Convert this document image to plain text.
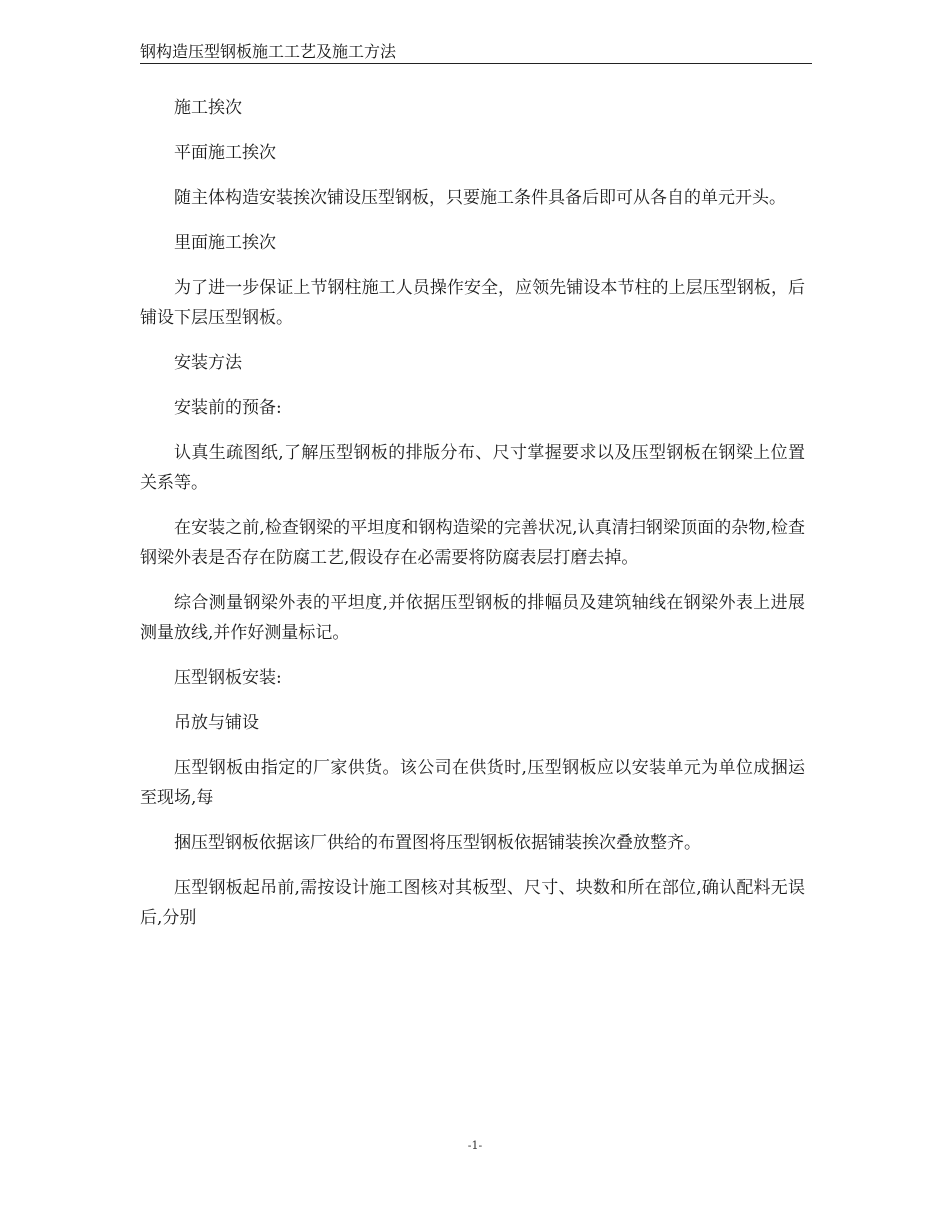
钢构造压型钢板施工工艺及施工方法

施工挨次

平面施工挨次

随主体构造安装挨次铺设压型钢板，只要施工条件具备后即可从各自的单元开头。

里面施工挨次

为了进一步保证上节钢柱施工人员操作安全，应领先铺设本节柱的上层压型钢板，后铺设下层压型钢板。

安装方法

安装前的预备:

认真生疏图纸,了解压型钢板的排版分布、尺寸掌握要求以及压型钢板在钢梁上位置关系等。

在安装之前,检查钢梁的平坦度和钢构造梁的完善状况,认真清扫钢梁顶面的杂物,检查钢梁外表是否存在防腐工艺,假设存在必需要将防腐表层打磨去掉。

综合测量钢梁外表的平坦度,并依据压型钢板的排幅员及建筑轴线在钢梁外表上进展测量放线,并作好测量标记。

压型钢板安装:

吊放与铺设

压型钢板由指定的厂家供货。该公司在供货时,压型钢板应以安装单元为单位成捆运至现场,每

捆压型钢板依据该厂供给的布置图将压型钢板依据铺装挨次叠放整齐。

压型钢板起吊前,需按设计施工图核对其板型、尺寸、块数和所在部位,确认配料无误后,分别

-1-
